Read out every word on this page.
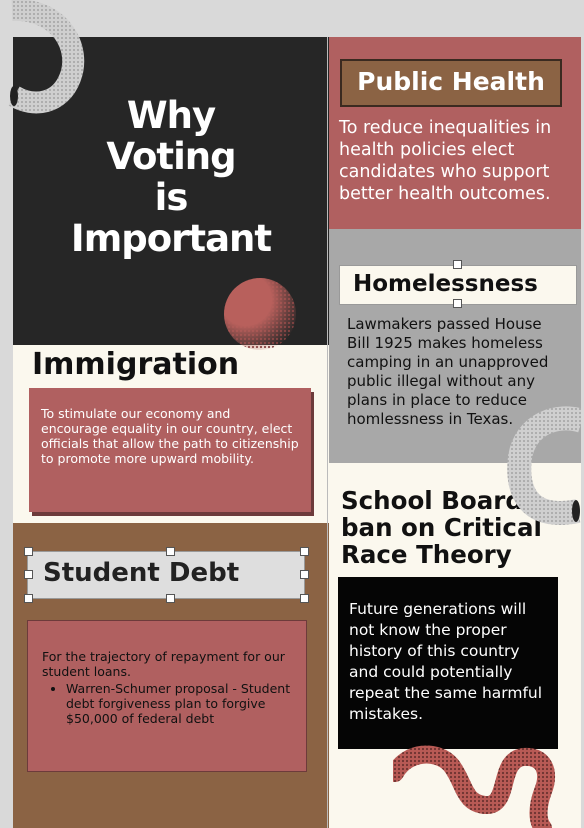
Why
Voting
is
Important
Immigration

To stimulate our economy and encourage equality in our country, elect officials that allow the path to citizenship to promote more upward mobility.

Student Debt

For the trajectory of repayment for our student loans.

• Warren-Schumer proposal - Student debt forgiveness plan to forgive $50,000 of federal debt
Public Health
To reduce inequalities in health policies elect candidates who support better health outcomes.
Homelessness
Lawmakers passed House Bill 1925 makes homeless camping in an unapproved public illegal without any plans in place to reduce homlessness in Texas.
School Board ban on Critical Race Theory

Future generations will not know the proper history of this country and could potentially repeat the same harmful mistakes.
